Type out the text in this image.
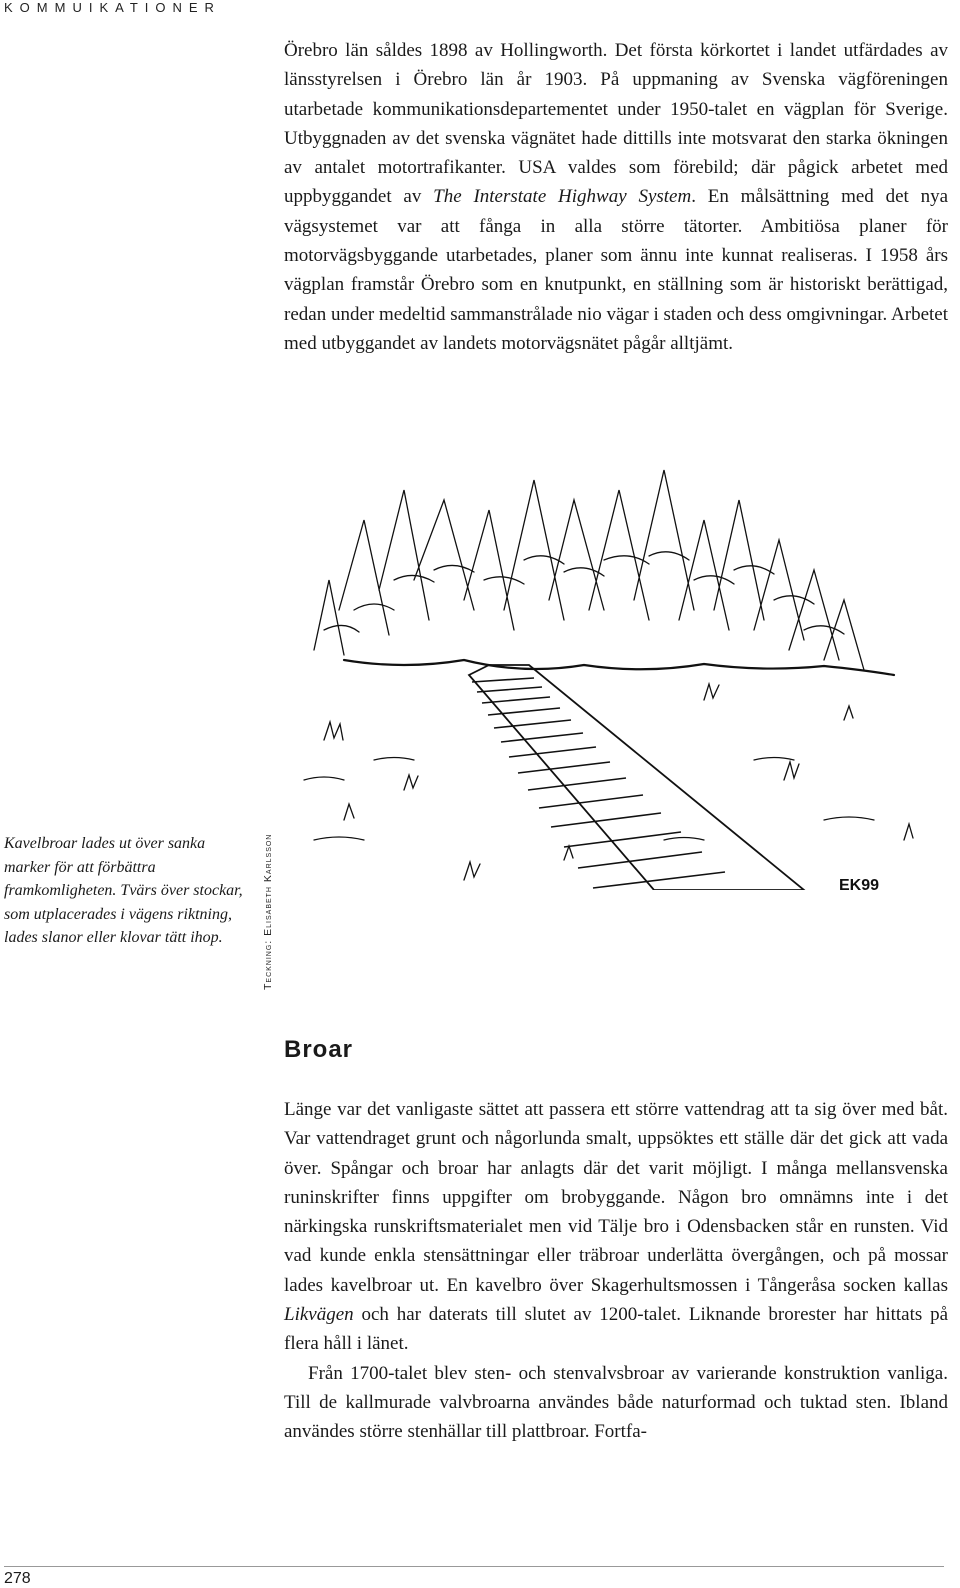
KOMMUIKATIONER

Örebro län såldes 1898 av Hollingworth. Det första körkortet i landet utfärdades av länsstyrelsen i Örebro län år 1903. På uppmaning av Svenska vägföreningen utarbetade kommunikationsdepartementet under 1950-talet en vägplan för Sverige. Utbyggnaden av det svenska vägnätet hade dittills inte motsvarat den starka ökningen av antalet motortrafikanter. USA valdes som förebild; där pågick arbetet med uppbyggandet av The Interstate Highway System. En målsättning med det nya vägsystemet var att fånga in alla större tätorter. Ambitiösa planer för motorvägsbyggande utarbetades, planer som ännu inte kunnat realiseras. I 1958 års vägplan framstår Örebro som en knutpunkt, en ställning som är historiskt berättigad, redan under medeltid sammanstrålade nio vägar i staden och dess omgivningar. Arbetet med utbyggandet av landets motorvägsnätet pågår alltjämt.

EK99
Kavelbroar lades ut över sanka marker för att förbättra framkomligheten. Tvärs över stockar, som utplacerades i vägens riktning, lades slanor eller klovar tätt ihop.	Teckning: Elisabeth Karlsson
Broar

Länge var det vanligaste sättet att passera ett större vattendrag att ta sig över med båt. Var vattendraget grunt och någorlunda smalt, uppsöktes ett ställe där det gick att vada över. Spångar och broar har anlagts där det varit möjligt. I många mellansvenska runinskrifter finns uppgifter om brobyggande. Någon bro omnämns inte i det närkingska runskriftsmaterialet men vid Tälje bro i Odensbacken står en runsten. Vid vad kunde enkla stensättningar eller träbroar underlätta övergången, och på mossar lades kavelbroar ut. En kavelbro över Skagerhultsmossen i Tångeråsa socken kallas Likvägen och har daterats till slutet av 1200-talet. Liknande brorester har hittats på flera håll i länet.

Från 1700-talet blev sten- och stenvalvsbroar av varierande konstruktion vanliga. Till de kallmurade valvbroarna användes både naturformad och tuktad sten. Ibland användes större stenhällar till plattbroar. Fortfa-

278
